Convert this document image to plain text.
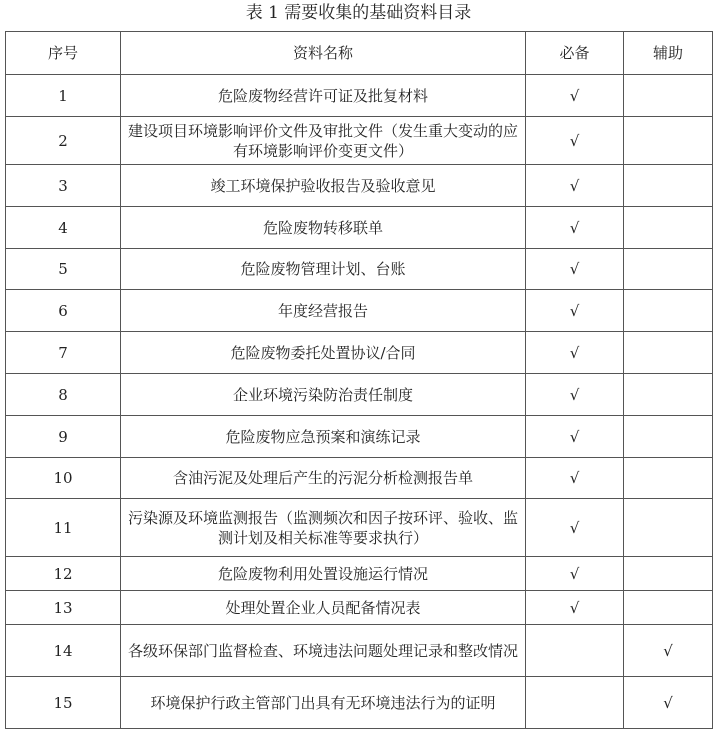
表 1 需要收集的基础资料目录
序号	资料名称	必备	辅助
1	危险废物经营许可证及批复材料	√	
2	建设项目环境影响评价文件及审批文件（发生重大变动的应有环境影响评价变更文件）	√	
3	竣工环境保护验收报告及验收意见	√	
4	危险废物转移联单	√	
5	危险废物管理计划、台账	√	
6	年度经营报告	√	
7	危险废物委托处置协议/合同	√	
8	企业环境污染防治责任制度	√	
9	危险废物应急预案和演练记录	√	
10	含油污泥及处理后产生的污泥分析检测报告单	√	
11	污染源及环境监测报告（监测频次和因子按环评、验收、监测计划及相关标准等要求执行）	√	
12	危险废物利用处置设施运行情况	√	
13	处理处置企业人员配备情况表	√	
14	各级环保部门监督检查、环境违法问题处理记录和整改情况		√
15	环境保护行政主管部门出具有无环境违法行为的证明		√
